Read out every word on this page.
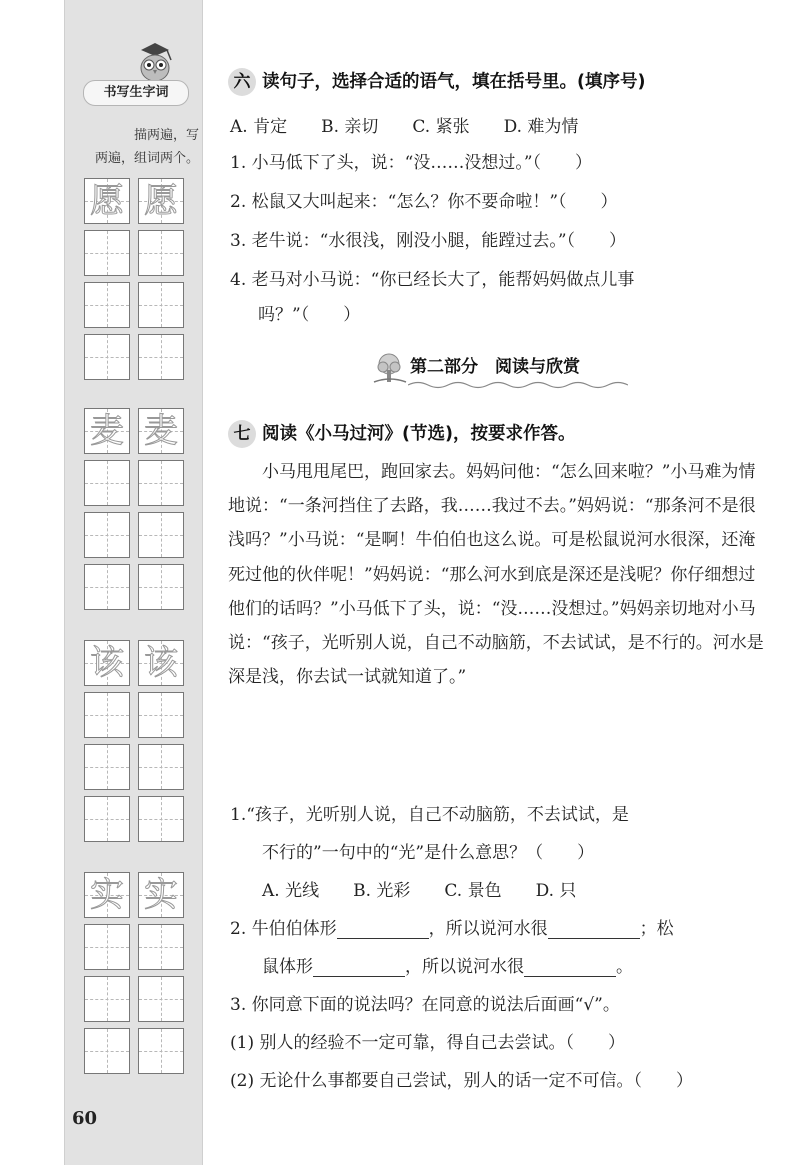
书写生字词
描两遍，写
两遍，组词两个。
愿 愿
麦 麦
该 该
实 实
60
六 读句子，选择合适的语气，填在括号里。(填序号)
A. 肯定　　B. 亲切　　C. 紧张　　D. 难为情
1. 小马低下了头，说：“没……没想过。”（　　）
2. 松鼠又大叫起来：“怎么？你不要命啦！”（　　）
3. 老牛说：“水很浅，刚没小腿，能蹚过去。”（　　）
4. 老马对小马说：“你已经长大了，能帮妈妈做点儿事
吗？”（　　）
第二部分　阅读与欣赏
七 阅读《小马过河》(节选)，按要求作答。
小马甩甩尾巴，跑回家去。妈妈问他：“怎么回来啦？”小马难为情地说：“一条河挡住了去路，我……我过不去。”妈妈说：“那条河不是很浅吗？”小马说：“是啊！牛伯伯也这么说。可是松鼠说河水很深，还淹死过他的伙伴呢！”妈妈说：“那么河水到底是深还是浅呢？你仔细想过他们的话吗？”小马低下了头，说：“没……没想过。”妈妈亲切地对小马说：“孩子，光听别人说，自己不动脑筋，不去试试，是不行的。河水是深是浅，你去试一试就知道了。”
1.“孩子，光听别人说，自己不动脑筋，不去试试，是
不行的”一句中的“光”是什么意思？（　　）
A. 光线　　B. 光彩　　C. 景色　　D. 只
2. 牛伯伯体形	，所以说河水很	；松
鼠体形	，所以说河水很	。
3. 你同意下面的说法吗？在同意的说法后面画“√”。
(1) 别人的经验不一定可靠，得自己去尝试。（　　）
(2) 无论什么事都要自己尝试，别人的话一定不可信。（　　）
